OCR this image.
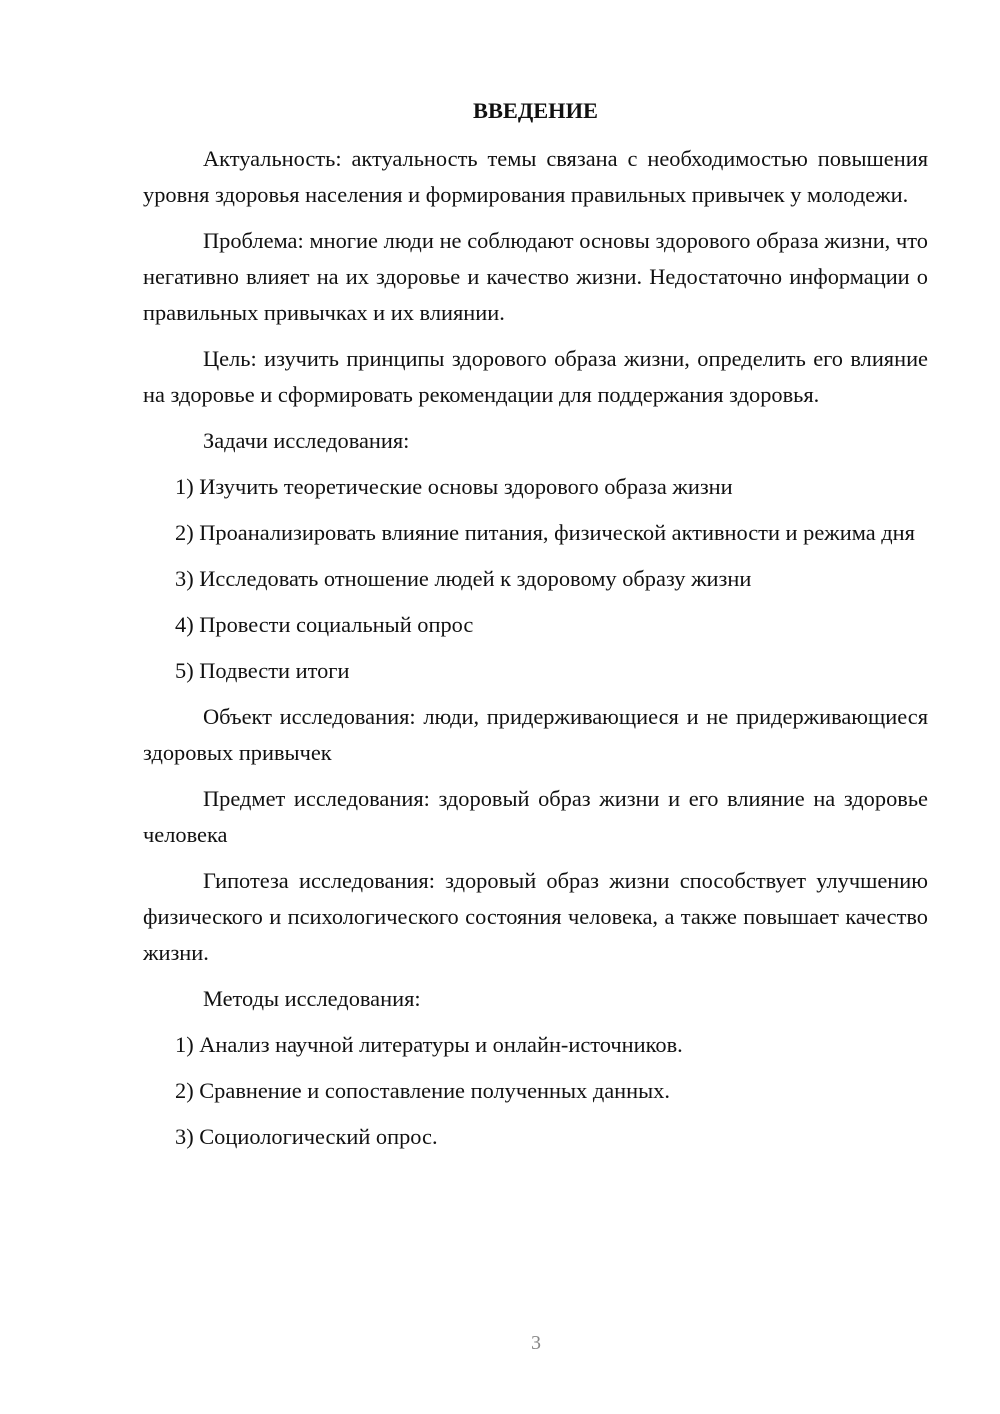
ВВЕДЕНИЕ

Актуальность: актуальность темы связана с необходимостью повышения уровня здоровья населения и формирования правильных привычек у молодежи.

Проблема: многие люди не соблюдают основы здорового образа жизни, что негативно влияет на их здоровье и качество жизни. Недостаточно информации о правильных привычках и их влиянии.

Цель: изучить принципы здорового образа жизни, определить его влияние на здоровье и сформировать рекомендации для поддержания здоровья.

Задачи исследования:

1) Изучить теоретические основы здорового образа жизни

2) Проанализировать влияние питания, физической активности и режима дня

3) Исследовать отношение людей к здоровому образу жизни

4) Провести социальный опрос

5) Подвести итоги

Объект исследования: люди, придерживающиеся и не придерживающиеся здоровых привычек

Предмет исследования: здоровый образ жизни и его влияние на здоровье человека

Гипотеза исследования: здоровый образ жизни способствует улучшению физического и психологического состояния человека, а также повышает качество жизни.

Методы исследования:

1) Анализ научной литературы и онлайн-источников.

2) Сравнение и сопоставление полученных данных.

3) Социологический опрос.

3
